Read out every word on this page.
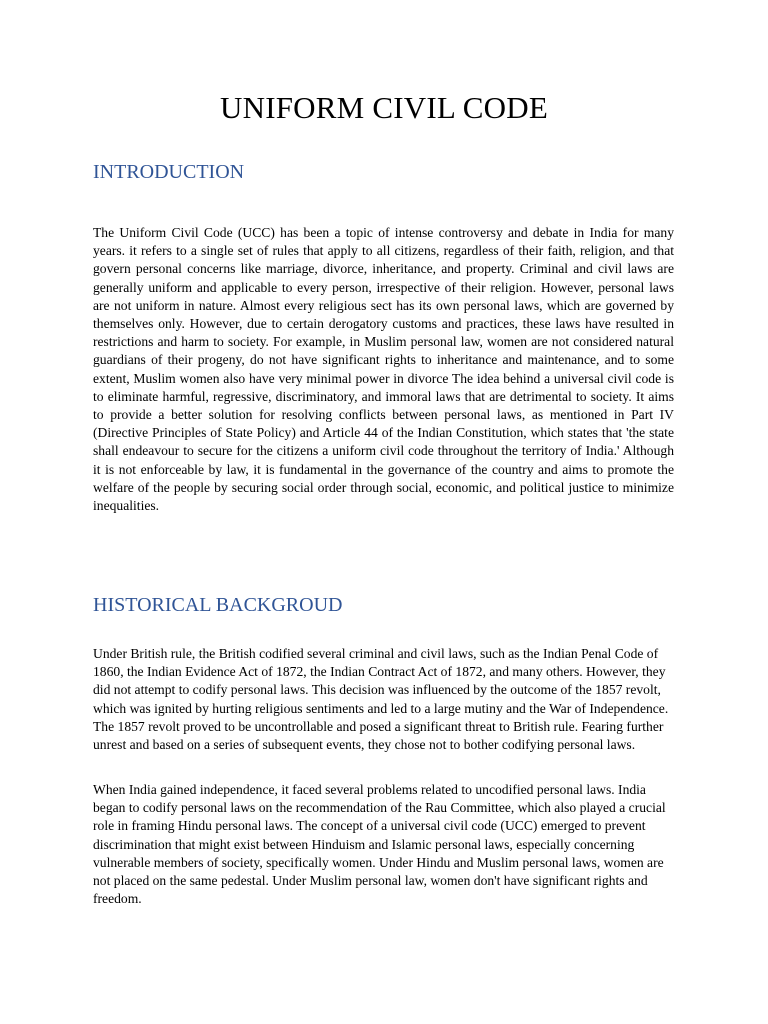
UNIFORM CIVIL CODE
INTRODUCTION

The Uniform Civil Code (UCC) has been a topic of intense controversy and debate in India for many years. it refers to a single set of rules that apply to all citizens, regardless of their faith, religion, and that govern personal concerns like marriage, divorce, inheritance, and property. Criminal and civil laws are generally uniform and applicable to every person, irrespective of their religion. However, personal laws are not uniform in nature. Almost every religious sect has its own personal laws, which are governed by themselves only. However, due to certain derogatory customs and practices, these laws have resulted in restrictions and harm to society. For example, in Muslim personal law, women are not considered natural guardians of their progeny, do not have significant rights to inheritance and maintenance, and to some extent, Muslim women also have very minimal power in divorce The idea behind a universal civil code is to eliminate harmful, regressive, discriminatory, and immoral laws that are detrimental to society. It aims to provide a better solution for resolving conflicts between personal laws, as mentioned in Part IV (Directive Principles of State Policy) and Article 44 of the Indian Constitution, which states that 'the state shall endeavour to secure for the citizens a uniform civil code throughout the territory of India.' Although it is not enforceable by law, it is fundamental in the governance of the country and aims to promote the welfare of the people by securing social order through social, economic, and political justice to minimize inequalities.

HISTORICAL BACKGROUD

Under British rule, the British codified several criminal and civil laws, such as the Indian Penal Code of 1860, the Indian Evidence Act of 1872, the Indian Contract Act of 1872, and many others. However, they did not attempt to codify personal laws. This decision was influenced by the outcome of the 1857 revolt, which was ignited by hurting religious sentiments and led to a large mutiny and the War of Independence. The 1857 revolt proved to be uncontrollable and posed a significant threat to British rule. Fearing further unrest and based on a series of subsequent events, they chose not to bother codifying personal laws.

When India gained independence, it faced several problems related to uncodified personal laws. India began to codify personal laws on the recommendation of the Rau Committee, which also played a crucial role in framing Hindu personal laws. The concept of a universal civil code (UCC) emerged to prevent discrimination that might exist between Hinduism and Islamic personal laws, especially concerning vulnerable members of society, specifically women. Under Hindu and Muslim personal laws, women are not placed on the same pedestal. Under Muslim personal law, women don't have significant rights and freedom.
